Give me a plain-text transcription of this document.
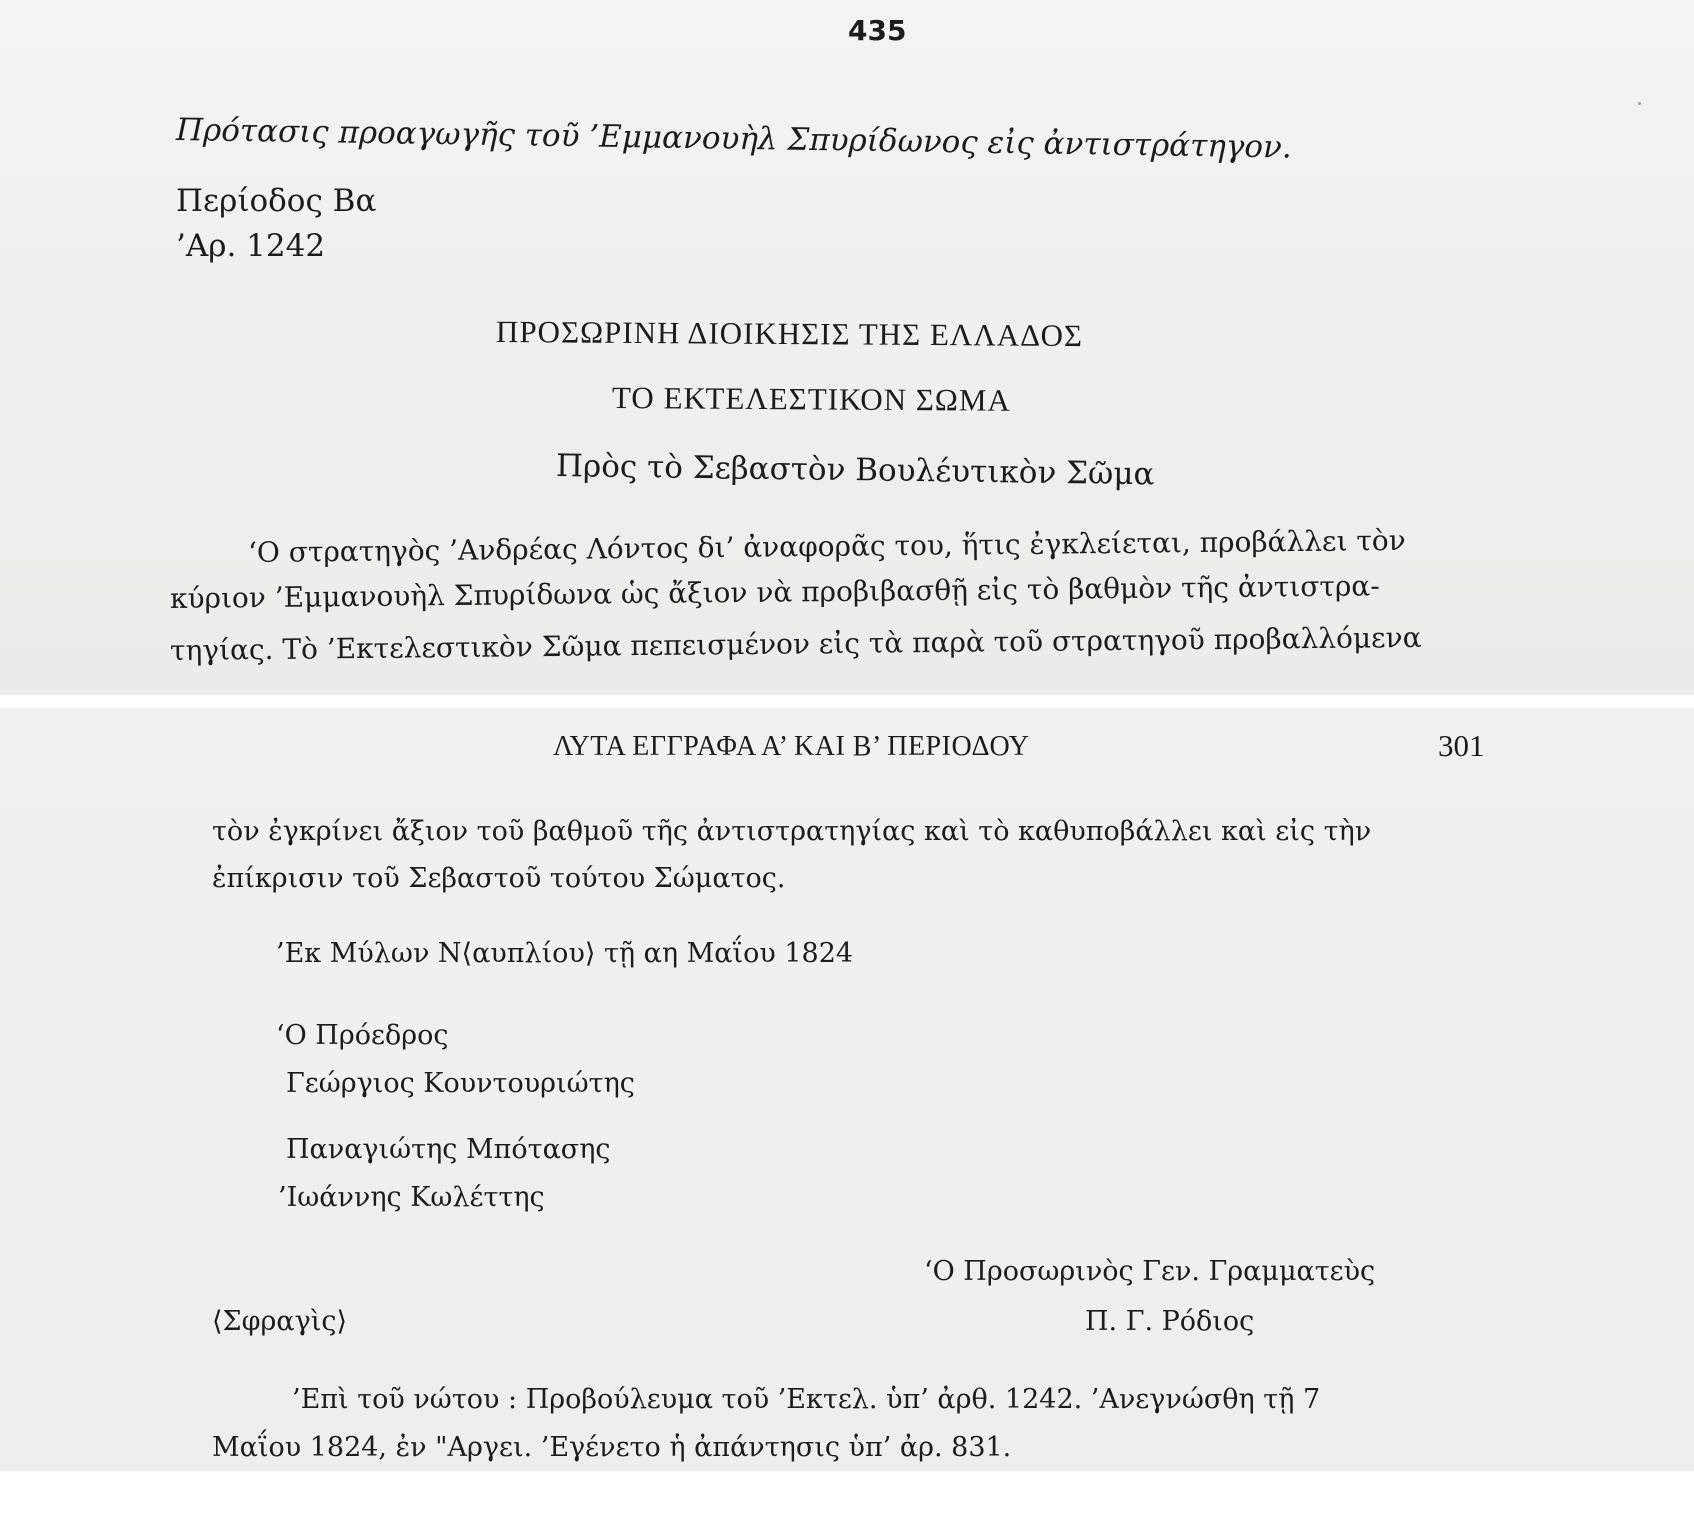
435
Πρότασις προαγωγῆς τοῦ ’Εμμανουὴλ Σπυρίδωνος εἰς ἀντιστράτηγον.
Περίοδος Βα
’Αρ. 1242
ΠΡΟΣΩΡΙΝΗ ΔΙΟΙΚΗΣΙΣ ΤΗΣ ΕΛΛΑΔΟΣ
ΤΟ ΕΚΤΕΛΕΣΤΙΚΟΝ ΣΩΜΑ
Πρὸς τὸ Σεβαστὸν Βουλέυτικὸν Σῶμα
‘Ο στρατηγὸς ’Ανδρέας Λόντος δι’ ἀναφορᾶς του, ἥτις ἐγκλείεται, προβάλλει τὸν
κύριον ’Εμμανουὴλ Σπυρίδωνα ὡς ἄξιον νὰ προβιβασθῇ εἰς τὸ βαθμὸν τῆς ἀντιστρα-
τηγίας. Τὸ ’Εκτελεστικὸν Σῶμα πεπεισμένον εἰς τὰ παρὰ τοῦ στρατηγοῦ προβαλλόμενα
ΛΥΤΑ ΕΓΓΡΑΦΑ Α’ ΚΑΙ Β’ ΠΕΡΙΟΔΟΥ	301
τὸν ἐγκρίνει ἄξιον τοῦ βαθμοῦ τῆς ἀντιστρατηγίας καὶ τὸ καθυποβάλλει καὶ εἰς τὴν
ἐπίκρισιν τοῦ Σεβαστοῦ τούτου Σώματος.
’Εκ Μύλων Ν⟨αυπλίου⟩ τῇ αη Μαΐου 1824
‘Ο Πρόεδρος
Γεώργιος Κουντουριώτης
Παναγιώτης Μπότασης
’Ιωάννης Κωλέττης
‘Ο Προσωρινὸς Γεν. Γραμματεὺς
⟨Σφραγὶς⟩	Π. Γ. Ρόδιος
’Επὶ τοῦ νώτου : Προβούλευμα τοῦ ’Εκτελ. ὑπ’ ἀρθ. 1242. ’Ανεγνώσθη τῇ 7
Μαΐου 1824, ἐν "Αργει. ’Εγένετο ἡ ἀπάντησις ὑπ’ ἀρ. 831.
